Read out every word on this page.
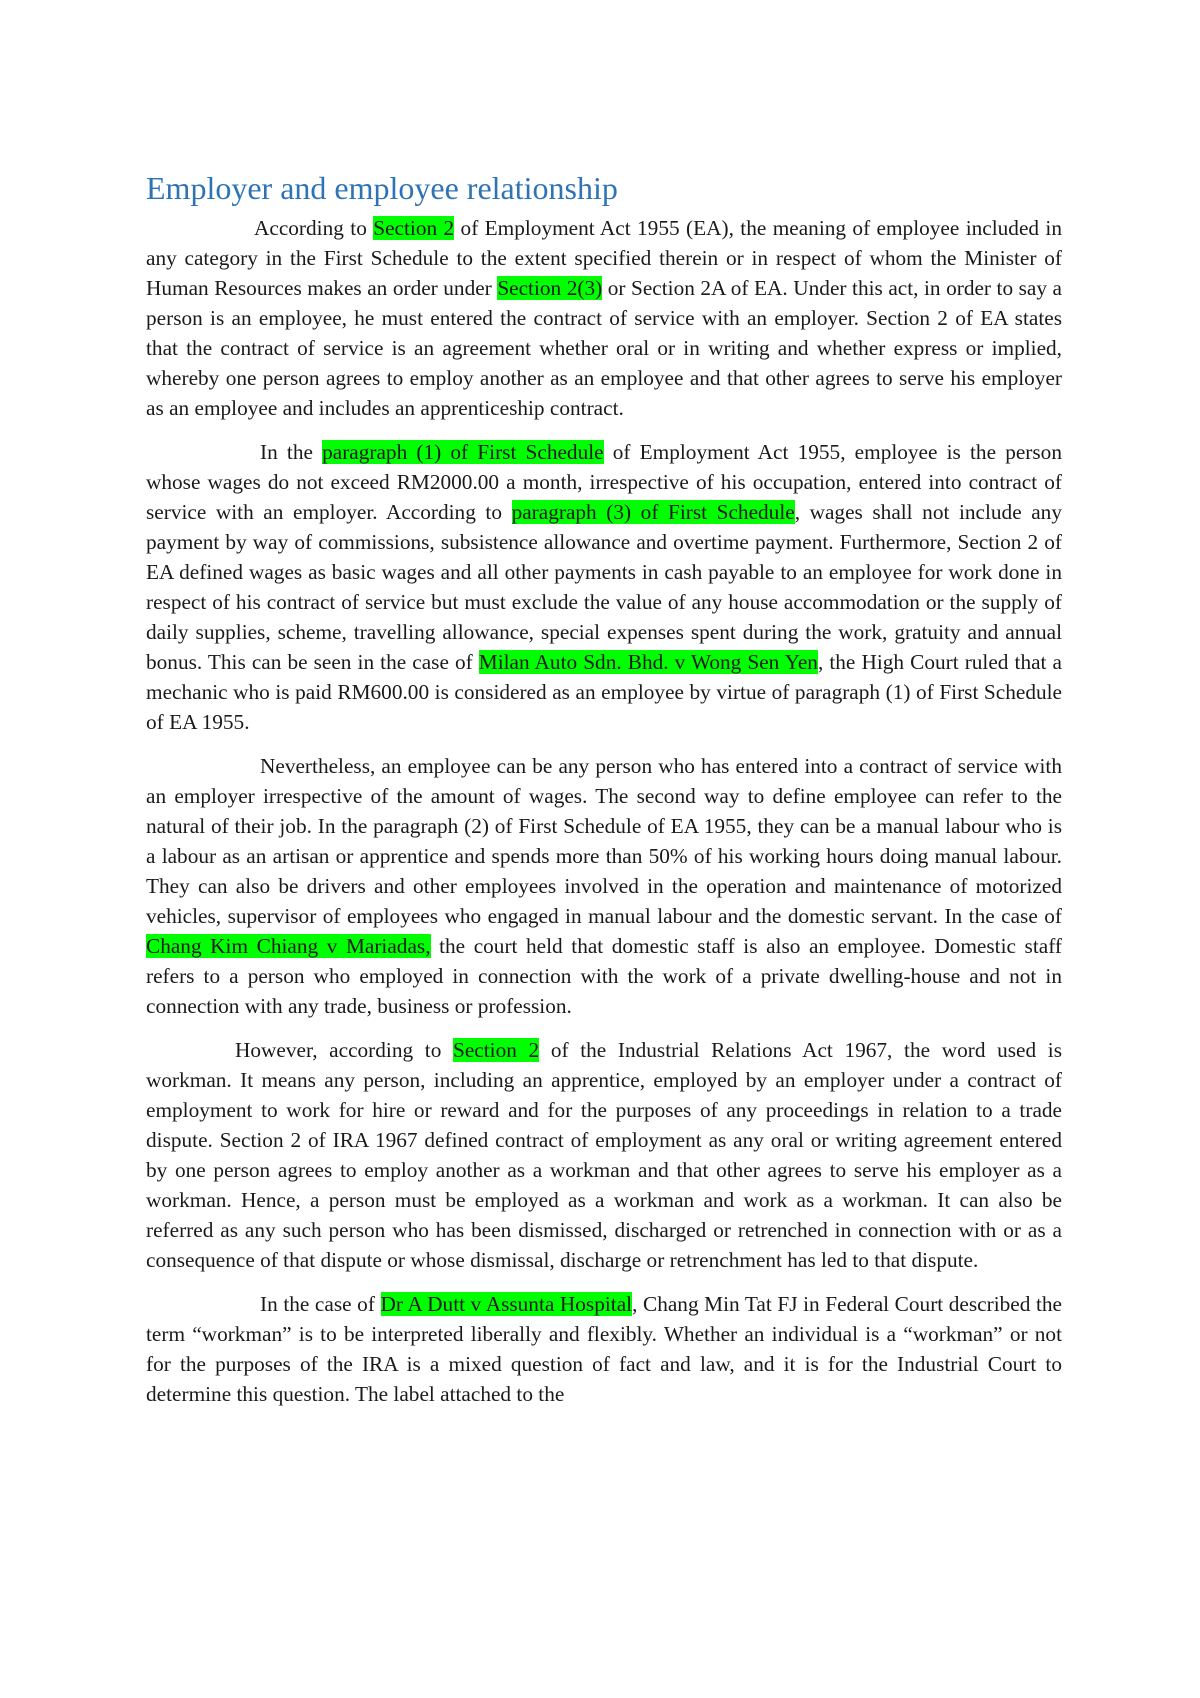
Employer and employee relationship

According to Section 2 of Employment Act 1955 (EA), the meaning of employee included in any category in the First Schedule to the extent specified therein or in respect of whom the Minister of Human Resources makes an order under Section 2(3) or Section 2A of EA. Under this act, in order to say a person is an employee, he must entered the contract of service with an employer. Section 2 of EA states that the contract of service is an agreement whether oral or in writing and whether express or implied, whereby one person agrees to employ another as an employee and that other agrees to serve his employer as an employee and includes an apprenticeship contract.

In the paragraph (1) of First Schedule of Employment Act 1955, employee is the person whose wages do not exceed RM2000.00 a month, irrespective of his occupation, entered into contract of service with an employer. According to paragraph (3) of First Schedule, wages shall not include any payment by way of commissions, subsistence allowance and overtime payment. Furthermore, Section 2 of EA defined wages as basic wages and all other payments in cash payable to an employee for work done in respect of his contract of service but must exclude the value of any house accommodation or the supply of daily supplies, scheme, travelling allowance, special expenses spent during the work, gratuity and annual bonus. This can be seen in the case of Milan Auto Sdn. Bhd. v Wong Sen Yen, the High Court ruled that a mechanic who is paid RM600.00 is considered as an employee by virtue of paragraph (1) of First Schedule of EA 1955.

Nevertheless, an employee can be any person who has entered into a contract of service with an employer irrespective of the amount of wages. The second way to define employee can refer to the natural of their job. In the paragraph (2) of First Schedule of EA 1955, they can be a manual labour who is a labour as an artisan or apprentice and spends more than 50% of his working hours doing manual labour. They can also be drivers and other employees involved in the operation and maintenance of motorized vehicles, supervisor of employees who engaged in manual labour and the domestic servant. In the case of Chang Kim Chiang v Mariadas, the court held that domestic staff is also an employee. Domestic staff refers to a person who employed in connection with the work of a private dwelling-house and not in connection with any trade, business or profession.

However, according to Section 2 of the Industrial Relations Act 1967, the word used is workman. It means any person, including an apprentice, employed by an employer under a contract of employment to work for hire or reward and for the purposes of any proceedings in relation to a trade dispute. Section 2 of IRA 1967 defined contract of employment as any oral or writing agreement entered by one person agrees to employ another as a workman and that other agrees to serve his employer as a workman. Hence, a person must be employed as a workman and work as a workman. It can also be referred as any such person who has been dismissed, discharged or retrenched in connection with or as a consequence of that dispute or whose dismissal, discharge or retrenchment has led to that dispute.

In the case of Dr A Dutt v Assunta Hospital, Chang Min Tat FJ in Federal Court described the term “workman” is to be interpreted liberally and flexibly. Whether an individual is a “workman” or not for the purposes of the IRA is a mixed question of fact and law, and it is for the Industrial Court to determine this question. The label attached to the
